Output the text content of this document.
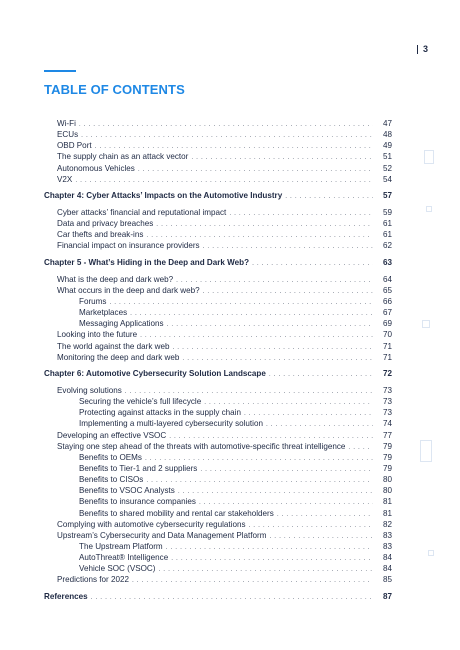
3
TABLE OF CONTENTS
Wi-Fi . . .	47
ECUs . . .	48
OBD Port . . .	49
The supply chain as an attack vector . . .	51
Autonomous Vehicles . . .	52
V2X . . .	54
Chapter 4: Cyber Attacks’ Impacts on the Automotive Industry . . .	57
Cyber attacks’ financial and reputational impact . . .	59
Data and privacy breaches . . .	61
Car thefts and break-ins . . .	61
Financial impact on insurance providers . . .	62
Chapter 5 - What’s Hiding in the Deep and Dark Web? . . .	63
What is the deep and dark web? . . .	64
What occurs in the deep and dark web? . . .	65
Forums . . .	66
Marketplaces . . .	67
Messaging Applications . . .	69
Looking into the future . . .	70
The world against the dark web . . .	71
Monitoring the deep and dark web . . .	71
Chapter 6: Automotive Cybersecurity Solution Landscape . . .	72
Evolving solutions . . .	73
Securing the vehicle’s full lifecycle . . .	73
Protecting against attacks in the supply chain . . .	73
Implementing a multi-layered cybersecurity solution . . .	74
Developing an effective VSOC . . .	77
Staying one step ahead of the threats with automotive-specific threat intelligence . . .	79
Benefits to OEMs . . .	79
Benefits to Tier-1 and 2 suppliers . . .	79
Benefits to CISOs . . .	80
Benefits to VSOC Analysts . . .	80
Benefits to insurance companies . . .	81
Benefits to shared mobility and rental car stakeholders . . .	81
Complying with automotive cybersecurity regulations . . .	82
Upstream’s Cybersecurity and Data Management Platform . . .	83
The Upstream Platform . . .	83
AutoThreat® Intelligence . . .	84
Vehicle SOC (VSOC) . . .	84
Predictions for 2022 . . .	85
References . . .	87
